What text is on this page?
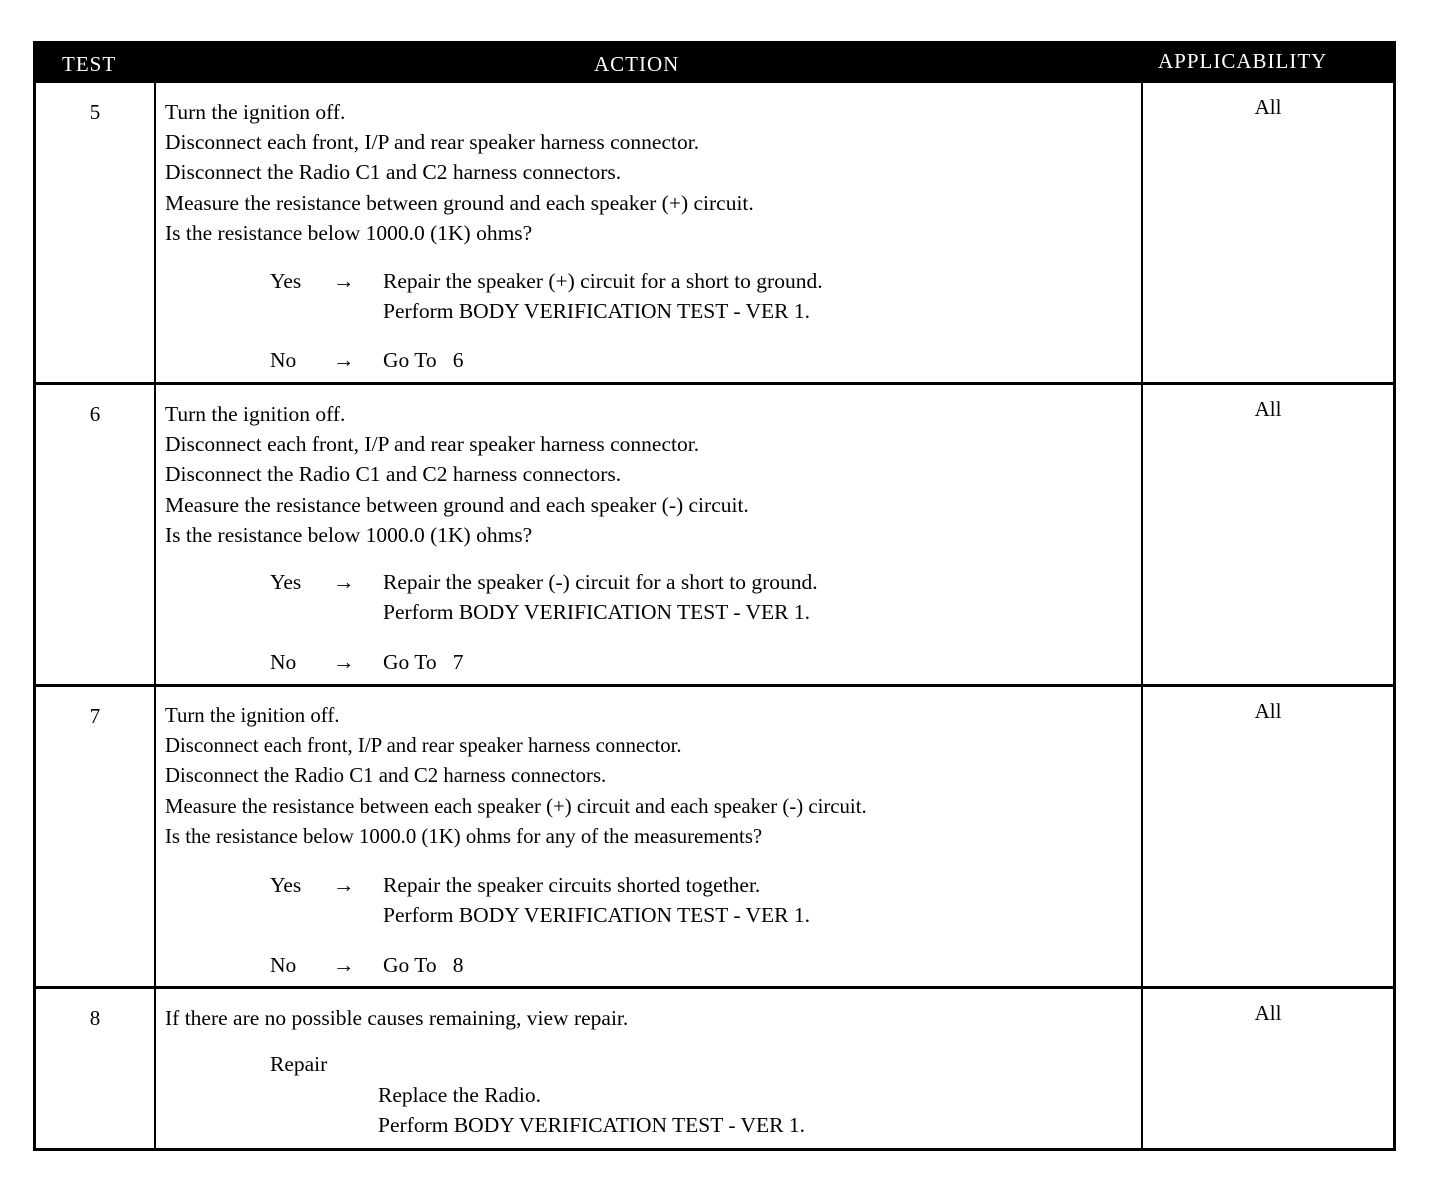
TEST	ACTION	APPLICABILITY
5	Turn the ignition off.
Disconnect each front, I/P and rear speaker harness connector.
Disconnect the Radio C1 and C2 harness connectors.
Measure the resistance between ground and each speaker (+) circuit.
Is the resistance below 1000.0 (1K) ohms?
Yes → Repair the speaker (+) circuit for a short to ground.
Perform BODY VERIFICATION TEST - VER 1.
No → Go To   6
All
6	Turn the ignition off.
Disconnect each front, I/P and rear speaker harness connector.
Disconnect the Radio C1 and C2 harness connectors.
Measure the resistance between ground and each speaker (-) circuit.
Is the resistance below 1000.0 (1K) ohms?
Yes → Repair the speaker (-) circuit for a short to ground.
Perform BODY VERIFICATION TEST - VER 1.
No → Go To   7
All
7	Turn the ignition off.
Disconnect each front, I/P and rear speaker harness connector.
Disconnect the Radio C1 and C2 harness connectors.
Measure the resistance between each speaker (+) circuit and each speaker (-) circuit.
Is the resistance below 1000.0 (1K) ohms for any of the measurements?
Yes → Repair the speaker circuits shorted together.
Perform BODY VERIFICATION TEST - VER 1.
No → Go To   8
All
8	If there are no possible causes remaining, view repair.
Repair
Replace the Radio.
Perform BODY VERIFICATION TEST - VER 1.
All
